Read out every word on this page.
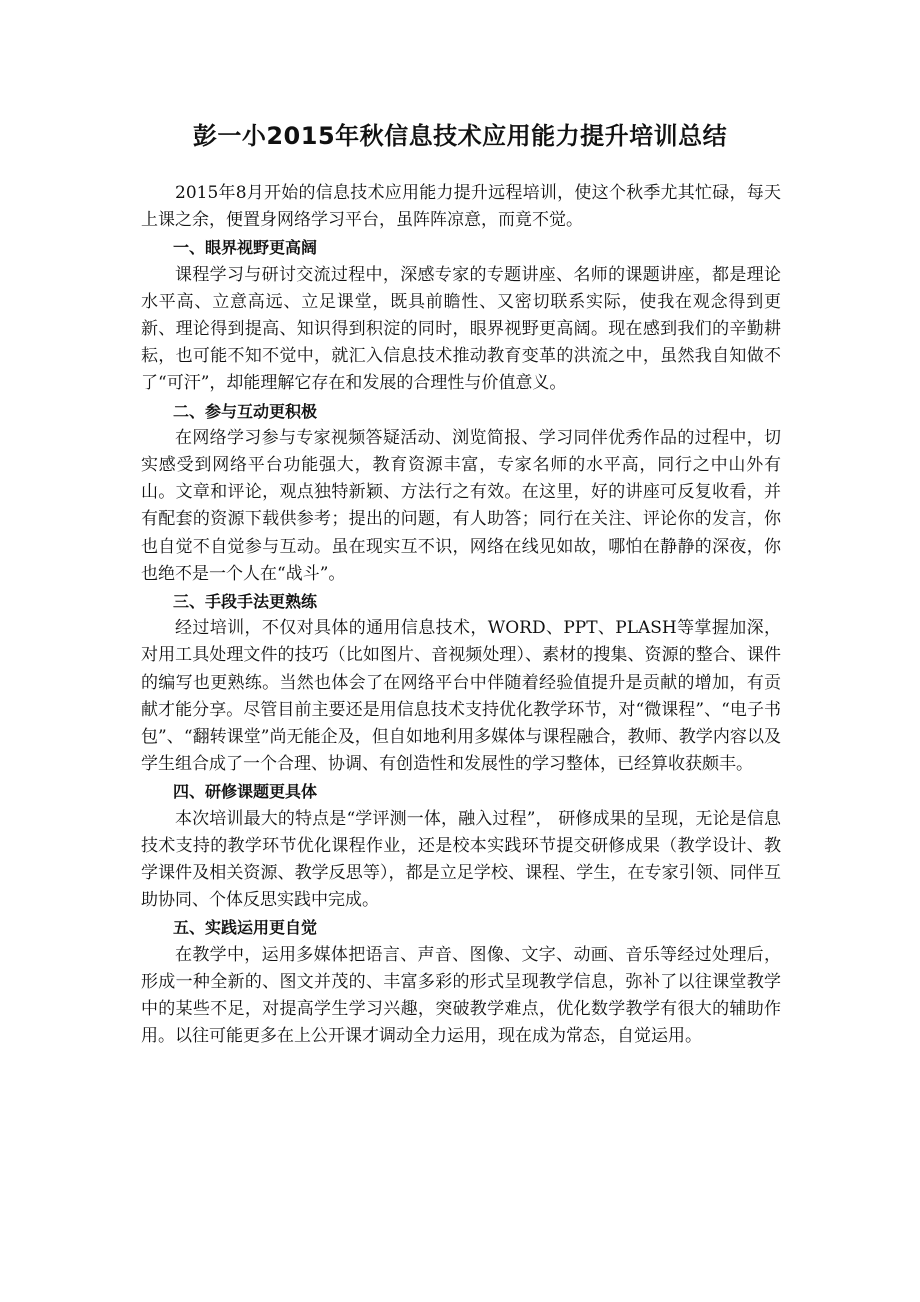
彭一小2015年秋信息技术应用能力提升培训总结

2015年8月开始的信息技术应用能力提升远程培训，使这个秋季尤其忙碌，每天上课之余，便置身网络学习平台，虽阵阵凉意，而竟不觉。

一、眼界视野更高阔

课程学习与研讨交流过程中，深感专家的专题讲座、名师的课题讲座，都是理论水平高、立意高远、立足课堂，既具前瞻性、又密切联系实际，使我在观念得到更新、理论得到提高、知识得到积淀的同时，眼界视野更高阔。现在感到我们的辛勤耕耘，也可能不知不觉中，就汇入信息技术推动教育变革的洪流之中，虽然我自知做不了“可汗”，却能理解它存在和发展的合理性与价值意义。

二、参与互动更积极

在网络学习参与专家视频答疑活动、浏览简报、学习同伴优秀作品的过程中，切实感受到网络平台功能强大，教育资源丰富，专家名师的水平高，同行之中山外有山。文章和评论，观点独特新颖、方法行之有效。在这里，好的讲座可反复收看，并有配套的资源下载供参考；提出的问题，有人助答；同行在关注、评论你的发言，你也自觉不自觉参与互动。虽在现实互不识，网络在线见如故，哪怕在静静的深夜，你也绝不是一个人在“战斗”。

三、手段手法更熟练

经过培训，不仅对具体的通用信息技术，WORD、PPT、PLASH等掌握加深，对用工具处理文件的技巧（比如图片、音视频处理）、素材的搜集、资源的整合、课件的编写也更熟练。当然也体会了在网络平台中伴随着经验值提升是贡献的增加，有贡献才能分享。尽管目前主要还是用信息技术支持优化教学环节，对“微课程”、“电子书包”、“翻转课堂”尚无能企及，但自如地利用多媒体与课程融合，教师、教学内容以及学生组合成了一个合理、协调、有创造性和发展性的学习整体，已经算收获颇丰。

四、研修课题更具体

本次培训最大的特点是“学评测一体，融入过程”， 研修成果的呈现，无论是信息技术支持的教学环节优化课程作业，还是校本实践环节提交研修成果（教学设计、教学课件及相关资源、教学反思等），都是立足学校、课程、学生，在专家引领、同伴互助协同、个体反思实践中完成。

五、实践运用更自觉

在教学中，运用多媒体把语言、声音、图像、文字、动画、音乐等经过处理后，形成一种全新的、图文并茂的、丰富多彩的形式呈现教学信息，弥补了以往课堂教学中的某些不足，对提高学生学习兴趣，突破教学难点，优化数学教学有很大的辅助作用。以往可能更多在上公开课才调动全力运用，现在成为常态，自觉运用。
